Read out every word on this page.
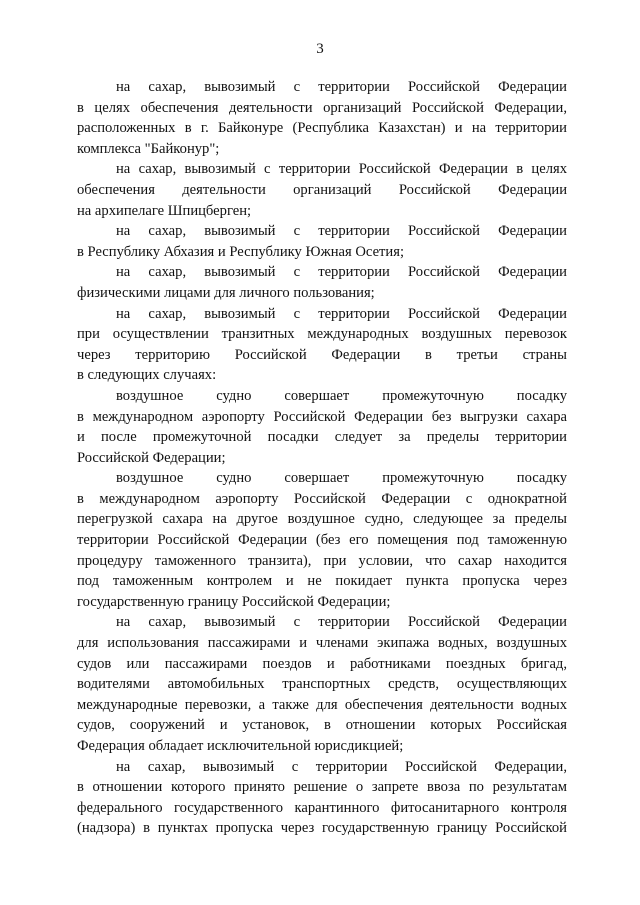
3
на сахар, вывозимый с территории Российской Федерации
в целях обеспечения деятельности организаций Российской Федерации,
расположенных в г. Байконуре (Республика Казахстан) и на территории
комплекса "Байконур";
на сахар, вывозимый с территории Российской Федерации в целях
обеспечения деятельности организаций Российской Федерации
на архипелаге Шпицберген;
на сахар, вывозимый с территории Российской Федерации
в Республику Абхазия и Республику Южная Осетия;
на сахар, вывозимый с территории Российской Федерации
физическими лицами для личного пользования;
на сахар, вывозимый с территории Российской Федерации
при осуществлении транзитных международных воздушных перевозок
через территорию Российской Федерации в третьи страны
в следующих случаях:
воздушное судно совершает промежуточную посадку
в международном аэропорту Российской Федерации без выгрузки сахара
и после промежуточной посадки следует за пределы территории
Российской Федерации;
воздушное судно совершает промежуточную посадку
в международном аэропорту Российской Федерации с однократной
перегрузкой сахара на другое воздушное судно, следующее за пределы
территории Российской Федерации (без его помещения под таможенную
процедуру таможенного транзита), при условии, что сахар находится
под таможенным контролем и не покидает пункта пропуска через
государственную границу Российской Федерации;
на сахар, вывозимый с территории Российской Федерации
для использования пассажирами и членами экипажа водных, воздушных
судов или пассажирами поездов и работниками поездных бригад,
водителями автомобильных транспортных средств, осуществляющих
международные перевозки, а также для обеспечения деятельности водных
судов, сооружений и установок, в отношении которых Российская
Федерация обладает исключительной юрисдикцией;
на сахар, вывозимый с территории Российской Федерации,
в отношении которого принято решение о запрете ввоза по результатам
федерального государственного карантинного фитосанитарного контроля
(надзора) в пунктах пропуска через государственную границу Российской
